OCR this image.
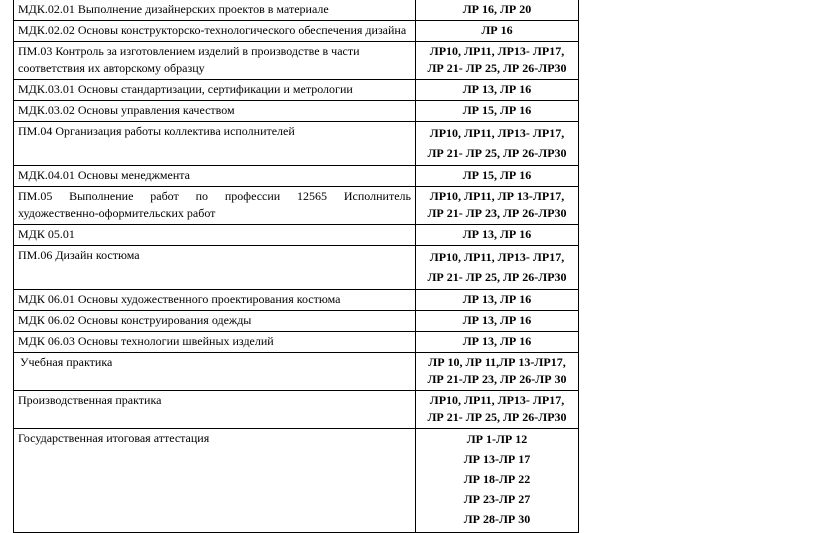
МДК.02.01 Выполнение дизайнерских проектов в материале	ЛР 16, ЛР 20

МДК.02.02 Основы конструкторско-технологического обеспечения дизайна	ЛР 16

ПМ.03 Контроль за изготовлением изделий в производстве в части соответствия их авторскому образцу	ЛР10, ЛР11, ЛР13- ЛР17,
ЛР 21- ЛР 25, ЛР 26-ЛР30

МДК.03.01 Основы стандартизации, сертификации и метрологии	ЛР 13, ЛР 16

МДК.03.02 Основы управления качеством	ЛР 15, ЛР 16

ПМ.04 Организация работы коллектива исполнителей	ЛР10, ЛР11, ЛР13- ЛР17,
ЛР 21- ЛР 25, ЛР 26-ЛР30

МДК.04.01 Основы менеджмента	ЛР 15, ЛР 16

ПМ.05 Выполнение работ по профессии 12565 Исполнитель художественно-оформительских работ	ЛР10, ЛР11, ЛР 13-ЛР17,
ЛР 21- ЛР 23, ЛР 26-ЛР30

МДК 05.01	ЛР 13, ЛР 16

ПМ.06 Дизайн костюма	ЛР10, ЛР11, ЛР13- ЛР17,
ЛР 21- ЛР 25, ЛР 26-ЛР30

МДК 06.01 Основы художественного проектирования костюма	ЛР 13, ЛР 16

МДК 06.02 Основы конструирования одежды	ЛР 13, ЛР 16

МДК 06.03 Основы технологии швейных изделий	ЛР 13, ЛР 16

Учебная практика	ЛР 10, ЛР 11,ЛР 13-ЛР17,
ЛР 21-ЛР 23, ЛР 26-ЛР 30

Производственная практика	ЛР10, ЛР11, ЛР13- ЛР17,
ЛР 21- ЛР 25, ЛР 26-ЛР30

Государственная итоговая аттестация	ЛР 1-ЛР 12
ЛР 13-ЛР 17
ЛР 18-ЛР 22
ЛР 23-ЛР 27
ЛР 28-ЛР 30
